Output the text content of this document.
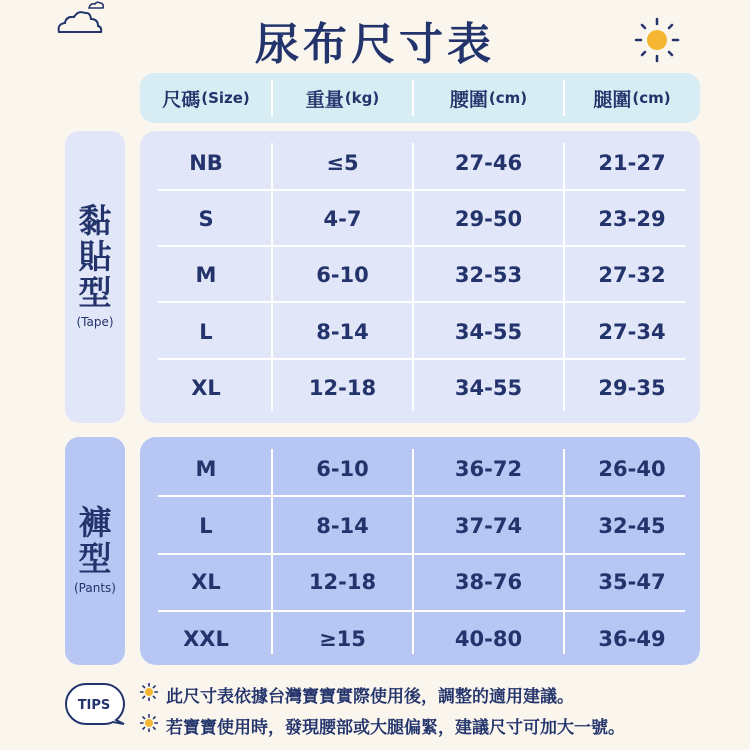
尿布尺寸表
尺碼 (Size)	重量 (kg)	腰圍 (cm)	腿圍 (cm)
黏
貼
型
(Tape)
NB	≤5	27-46	21-27
S	4-7	29-50	23-29
M	6-10	32-53	27-32
L	8-14	34-55	27-34
XL	12-18	34-55	29-35
褲
型
(Pants)
M	6-10	36-72	26-40
L	8-14	37-74	32-45
XL	12-18	38-76	35-47
XXL	≥15	40-80	36-49
TIPS	此尺寸表依據台灣寶寶實際使用後，調整的適用建議。
若寶寶使用時，發現腰部或大腿偏緊，建議尺寸可加大一號。
